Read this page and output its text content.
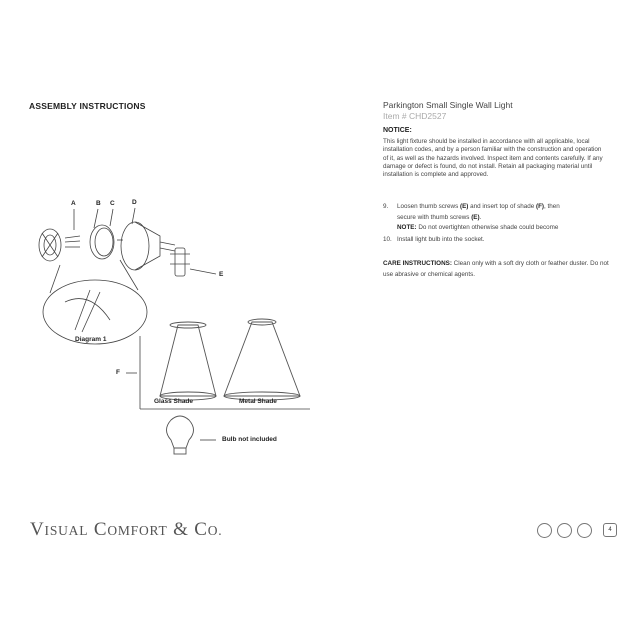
ASSEMBLY INSTRUCTIONS	Parkington Small Single Wall Light
Item # CHD2527
NOTICE:
This light fixture should be installed in accordance with all applicable, local installation codes, and by a person familiar with the construction and operation of it, as well as the hazards involved. Inspect item and contents carefully. If any damage or defect is found, do not install. Retain all packaging material until installation is complete and approved.
9. Loosen thumb screws (E) and insert top of shade (F), then
secure with thumb screws (E).
NOTE: Do not overtighten otherwise shade could become
10. Install light bulb into the socket.
CARE INSTRUCTIONS: Clean only with a soft dry cloth or feather duster. Do not use abrasive or chemical agents.
A	B C	D
E
F
Diagram 1
Glass Shade	Metal Shade
Bulb not included
VISUAL COMFORT & CO.	4
